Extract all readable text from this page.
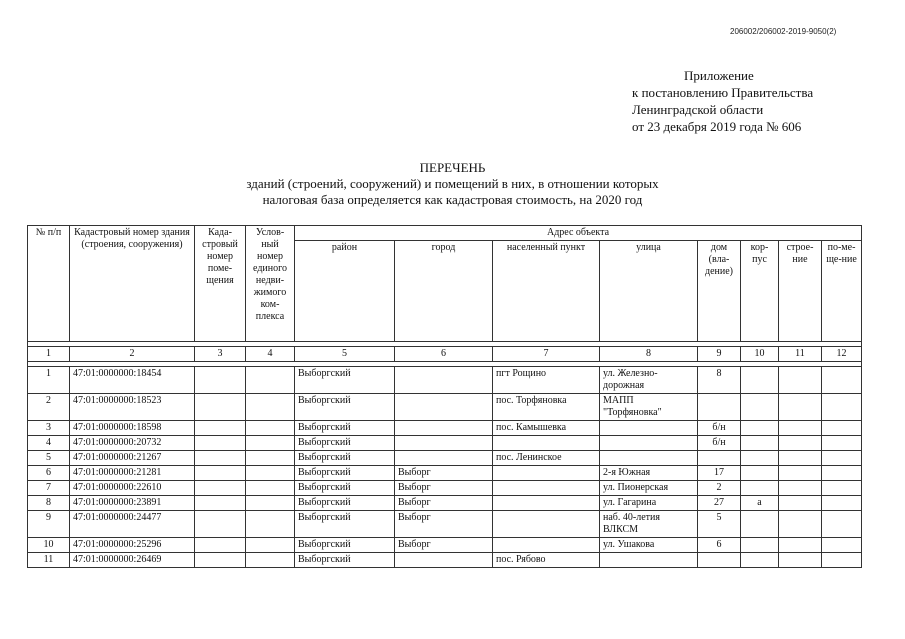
206002/206002-2019-9050(2)
Приложение
к постановлению Правительства
Ленинградской области
от 23 декабря 2019 года № 606
ПЕРЕЧЕНЬ
зданий (строений, сооружений) и помещений в них, в отношении которых
налоговая база определяется как кадастровая стоимость, на 2020 год
№ п/п	Кадастровый номер здания (строения, сооружения)	Када-стровый номер поме-щения	Услов-ный номер единого недви-жимого ком-плекса	Адрес объекта							
				район	город	населенный пункт	улица	дом (вла-дение)	кор-пус	строе-ние	по-ме-ще-ние

1	2	3	4	5	6	7	8	9	10	11	12

1	47:01:0000000:18454			Выборгский		пгт Рощино	ул. Железно-дорожная	8			
2	47:01:0000000:18523			Выборгский		пос. Торфяновка	МАПП "Торфяновка"				
3	47:01:0000000:18598			Выборгский		пос. Камышевка		б/н			
4	47:01:0000000:20732			Выборгский				б/н			
5	47:01:0000000:21267			Выборгский		пос. Ленинское					
6	47:01:0000000:21281			Выборгский	Выборг		2-я Южная	17			
7	47:01:0000000:22610			Выборгский	Выборг		ул. Пионерская	2			
8	47:01:0000000:23891			Выборгский	Выборг		ул. Гагарина	27	а		
9	47:01:0000000:24477			Выборгский	Выборг		наб. 40-летия ВЛКСМ	5			
10	47:01:0000000:25296			Выборгский	Выборг		ул. Ушакова	6			
11	47:01:0000000:26469			Выборгский		пос. Рябово					
